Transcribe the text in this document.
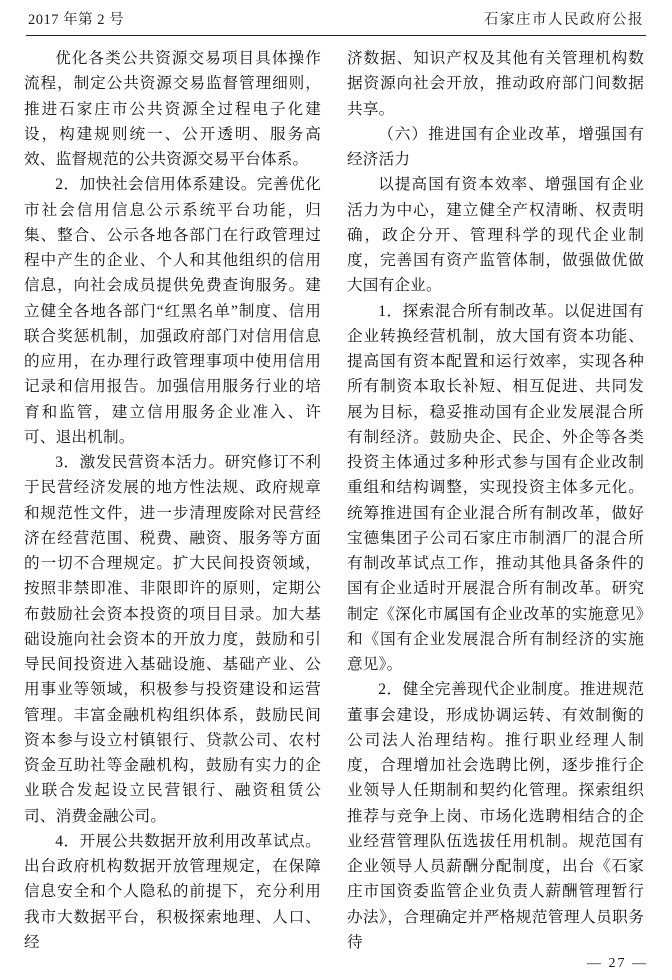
2017 年第 2 号	石家庄市人民政府公报

优化各类公共资源交易项目具体操作流程，制定公共资源交易监督管理细则，推进石家庄市公共资源全过程电子化建设，构建规则统一、公开透明、服务高效、监督规范的公共资源交易平台体系。

2．加快社会信用体系建设。完善优化市社会信用信息公示系统平台功能，归集、整合、公示各地各部门在行政管理过程中产生的企业、个人和其他组织的信用信息，向社会成员提供免费查询服务。建立健全各地各部门“红黑名单”制度、信用联合奖惩机制，加强政府部门对信用信息的应用，在办理行政管理事项中使用信用记录和信用报告。加强信用服务行业的培育和监管，建立信用服务企业准入、许可、退出机制。

3．激发民营资本活力。研究修订不利于民营经济发展的地方性法规、政府规章和规范性文件，进一步清理废除对民营经济在经营范围、税费、融资、服务等方面的一切不合理规定。扩大民间投资领域，按照非禁即准、非限即许的原则，定期公布鼓励社会资本投资的项目目录。加大基础设施向社会资本的开放力度，鼓励和引导民间投资进入基础设施、基础产业、公用事业等领域，积极参与投资建设和运营管理。丰富金融机构组织体系，鼓励民间资本参与设立村镇银行、贷款公司、农村资金互助社等金融机构，鼓励有实力的企业联合发起设立民营银行、融资租赁公司、消费金融公司。

4．开展公共数据开放利用改革试点。出台政府机构数据开放管理规定，在保障信息安全和个人隐私的前提下，充分利用我市大数据平台，积极探索地理、人口、经

济数据、知识产权及其他有关管理机构数据资源向社会开放，推动政府部门间数据共享。

（六）推进国有企业改革，增强国有经济活力

以提高国有资本效率、增强国有企业活力为中心，建立健全产权清晰、权责明确，政企分开、管理科学的现代企业制度，完善国有资产监管体制，做强做优做大国有企业。

1．探索混合所有制改革。以促进国有企业转换经营机制，放大国有资本功能、提高国有资本配置和运行效率，实现各种所有制资本取长补短、相互促进、共同发展为目标，稳妥推动国有企业发展混合所有制经济。鼓励央企、民企、外企等各类投资主体通过多种形式参与国有企业改制重组和结构调整，实现投资主体多元化。统筹推进国有企业混合所有制改革，做好宝德集团子公司石家庄市制酒厂的混合所有制改革试点工作，推动其他具备条件的国有企业适时开展混合所有制改革。研究制定《深化市属国有企业改革的实施意见》和《国有企业发展混合所有制经济的实施意见》。

2．健全完善现代企业制度。推进规范董事会建设，形成协调运转、有效制衡的公司法人治理结构。推行职业经理人制度，合理增加社会选聘比例，逐步推行企业领导人任期制和契约化管理。探索组织推荐与竞争上岗、市场化选聘相结合的企业经营管理队伍选拔任用机制。规范国有企业领导人员薪酬分配制度，出台《石家庄市国资委监管企业负责人薪酬管理暂行办法》，合理确定并严格规范管理人员职务待

— 27 —
